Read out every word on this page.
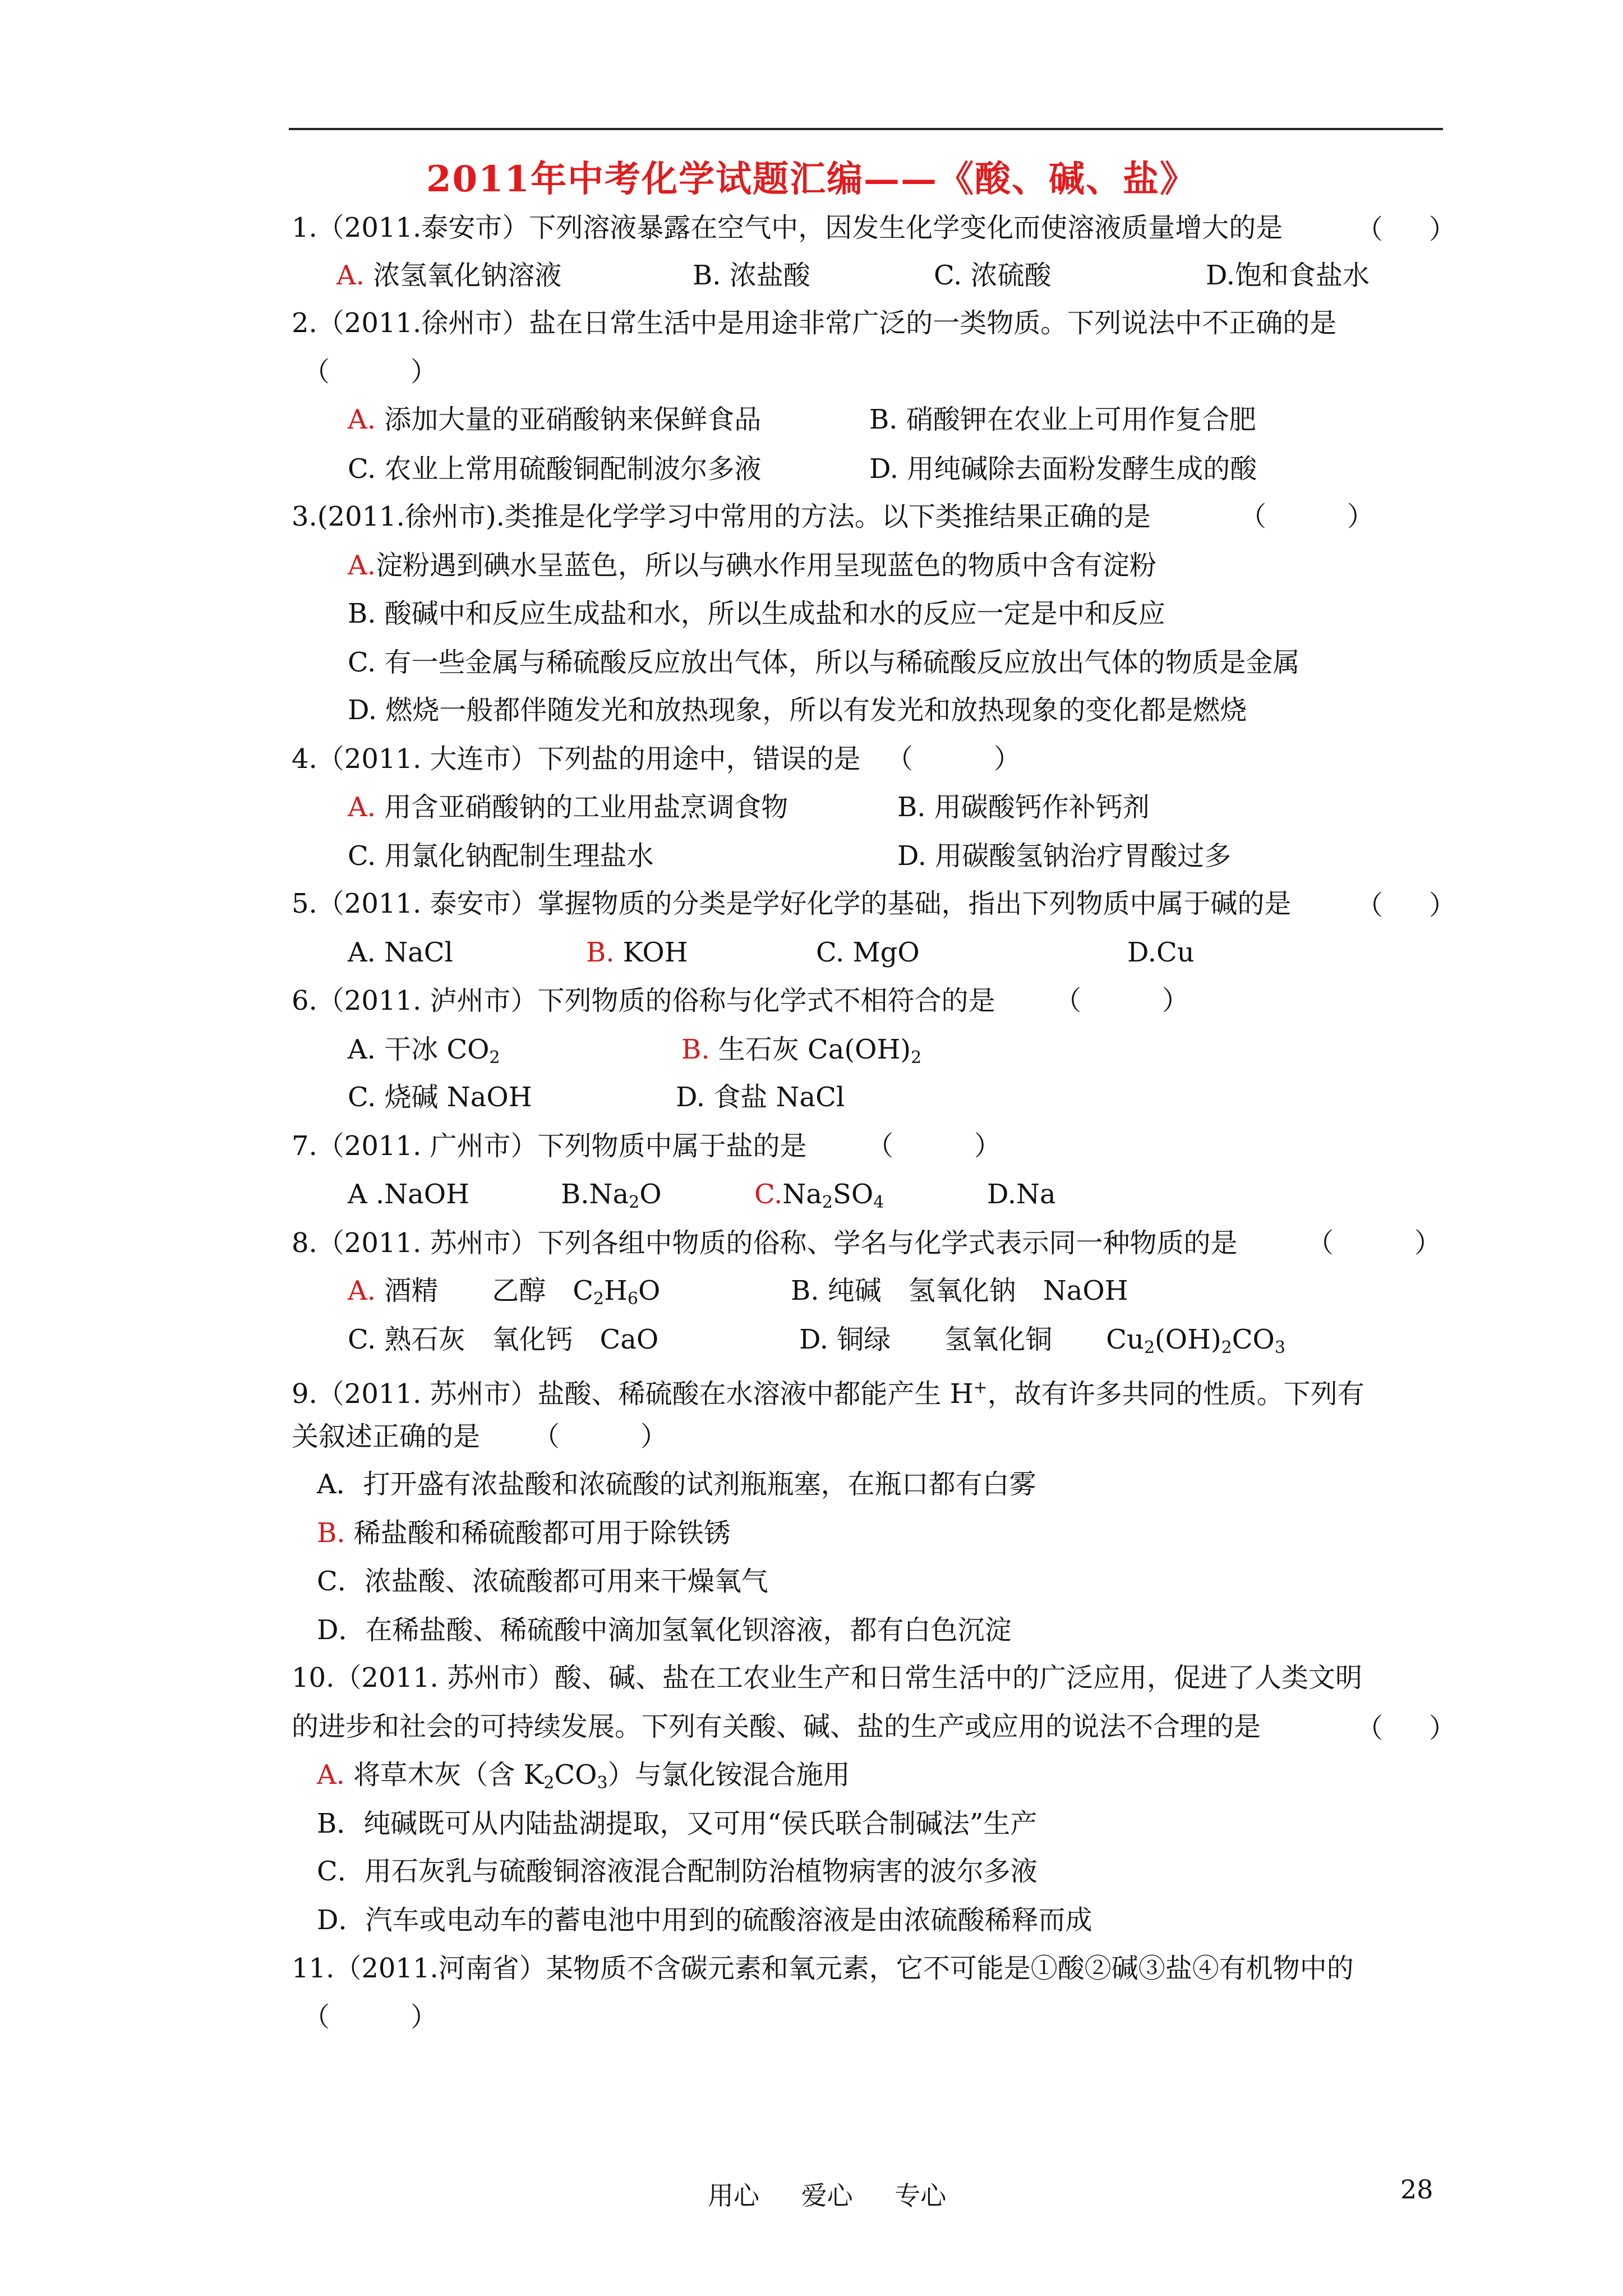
2011年中考化学试题汇编——《酸、碱、盐》
1.（2011.泰安市）下列溶液暴露在空气中，因发生化学变化而使溶液质量增大的是	（ ）
A. 浓氢氧化钠溶液	B. 浓盐酸	C. 浓硫酸	D.饱和食盐水
2.（2011.徐州市）盐在日常生活中是用途非常广泛的一类物质。下列说法中不正确的是
（　　　）
A. 添加大量的亚硝酸钠来保鲜食品	B. 硝酸钾在农业上可用作复合肥
C. 农业上常用硫酸铜配制波尔多液	D. 用纯碱除去面粉发酵生成的酸
3.(2011.徐州市).类推是化学学习中常用的方法。以下类推结果正确的是	（　　　）
A.淀粉遇到碘水呈蓝色，所以与碘水作用呈现蓝色的物质中含有淀粉
B. 酸碱中和反应生成盐和水，所以生成盐和水的反应一定是中和反应
C. 有一些金属与稀硫酸反应放出气体，所以与稀硫酸反应放出气体的物质是金属
D. 燃烧一般都伴随发光和放热现象，所以有发光和放热现象的变化都是燃烧
4.（2011. 大连市）下列盐的用途中，错误的是 （　　　）
A. 用含亚硝酸钠的工业用盐烹调食物	B. 用碳酸钙作补钙剂
C. 用氯化钠配制生理盐水	D. 用碳酸氢钠治疗胃酸过多
5.（2011. 泰安市）掌握物质的分类是学好化学的基础，指出下列物质中属于碱的是 （ ）
A. NaCl	B. KOH	C. MgO	D.Cu
6.（2011. 泸州市）下列物质的俗称与化学式不相符合的是 （　　　）
A. 干冰 $CO_2$	B. 生石灰 $Ca(OH)_2$
C. 烧碱 NaOH	D. 食盐 NaCl
7.（2011. 广州市）下列物质中属于盐的是 （　　　）
A .NaOH	$B.Na_2O$	$C.Na_2SO_4$	D.Na
8.（2011. 苏州市）下列各组中物质的俗称、学名与化学式表示同一种物质的是	（　　　）
A. 酒精　　乙醇　$C_2H_6O$	B. 纯碱　氢氧化钠　NaOH
C. 熟石灰　氧化钙　CaO	D. 铜绿　　氢氧化铜　　$Cu_2(OH)_2CO_3$
9.（2011. 苏州市）盐酸、稀硫酸在水溶液中都能产生 H+，故有许多共同的性质。下列有
关叙述正确的是 （　　　）
A．打开盛有浓盐酸和浓硫酸的试剂瓶瓶塞，在瓶口都有白雾
B. 稀盐酸和稀硫酸都可用于除铁锈
C．浓盐酸、浓硫酸都可用来干燥氧气
D．在稀盐酸、稀硫酸中滴加氢氧化钡溶液，都有白色沉淀
10.（2011. 苏州市）酸、碱、盐在工农业生产和日常生活中的广泛应用，促进了人类文明
的进步和社会的可持续发展。下列有关酸、碱、盐的生产或应用的说法不合理的是	（ ）
A. 将草木灰（含 $K_2CO_3$）与氯化铵混合施用
B．纯碱既可从内陆盐湖提取，又可用“侯氏联合制碱法”生产
C．用石灰乳与硫酸铜溶液混合配制防治植物病害的波尔多液
D．汽车或电动车的蓄电池中用到的硫酸溶液是由浓硫酸稀释而成
11.（2011.河南省）某物质不含碳元素和氧元素，它不可能是①酸②碱③盐④有机物中的
（　　　）
用心 爱心 专心	28
